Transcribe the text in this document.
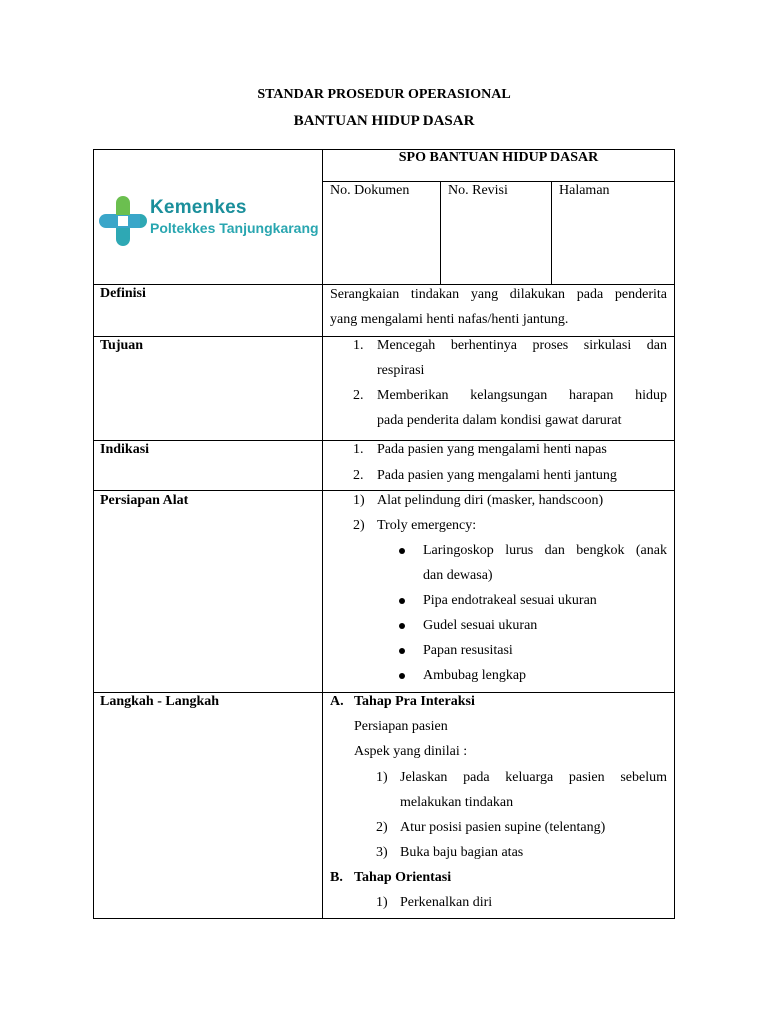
STANDAR PROSEDUR OPERASIONAL
BANTUAN HIDUP DASAR
Kemenkes
Poltekkes Tanjungkarang
SPO BANTUAN HIDUP DASAR
No. Dokumen	No. Revisi	Halaman
Definisi	Serangkaian tindakan yang dilakukan pada penderita
yang mengalami henti nafas/henti jantung.
Tujuan	1. Mencegah berhentinya proses sirkulasi dan
respirasi
2. Memberikan kelangsungan harapan hidup
pada penderita dalam kondisi gawat darurat
Indikasi	1. Pada pasien yang mengalami henti napas
2. Pada pasien yang mengalami henti jantung
Persiapan Alat	1) Alat pelindung diri (masker, handscoon)
2) Troly emergency:
Laringoskop lurus dan bengkok (anak
dan dewasa)
Pipa endotrakeal sesuai ukuran
Gudel sesuai ukuran
Papan resusitasi
Ambubag lengkap
Langkah - Langkah	A. Tahap Pra Interaksi
Persiapan pasien
Aspek yang dinilai :
1) Jelaskan pada keluarga pasien sebelum
melakukan tindakan
2) Atur posisi pasien supine (telentang)
3) Buka baju bagian atas
B. Tahap Orientasi
1) Perkenalkan diri
